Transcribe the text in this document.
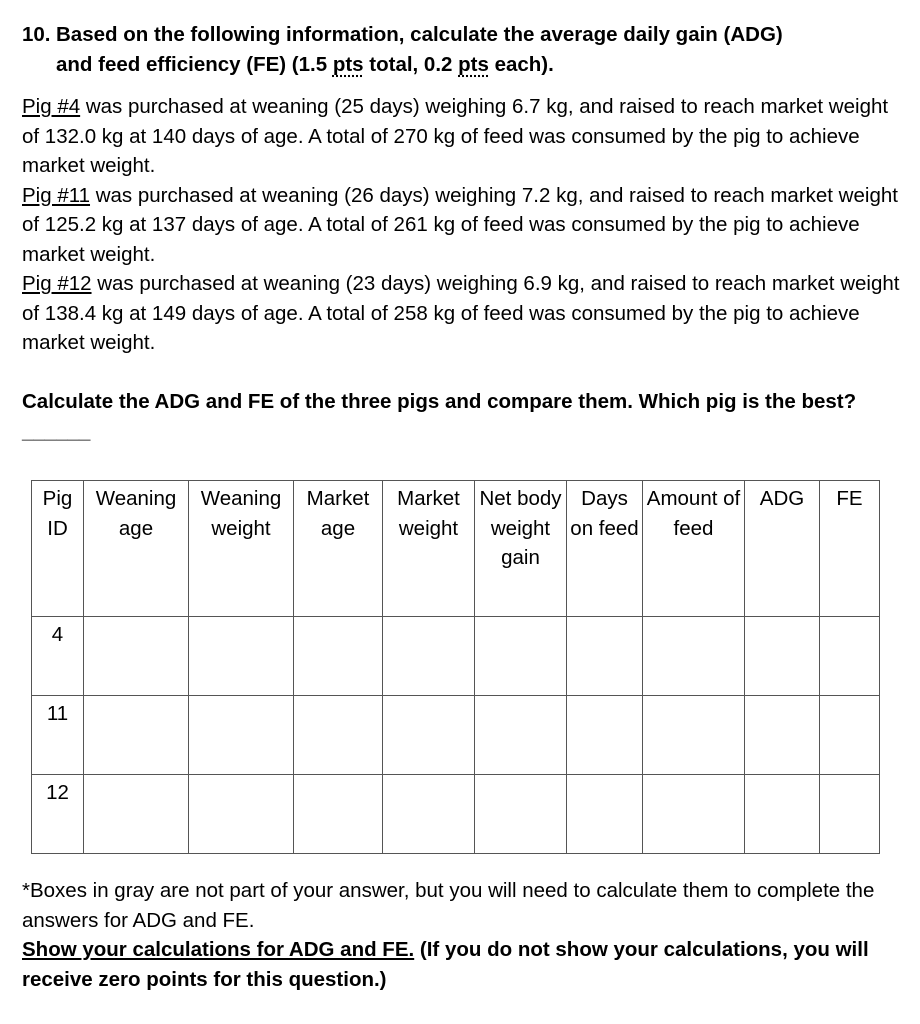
10. Based on the following information, calculate the average daily gain (ADG)
and feed efficiency (FE) (1.5 pts total, 0.2 pts each).

Pig #4 was purchased at weaning (25 days) weighing 6.7 kg, and raised to reach market weight of 132.0 kg at 140 days of age. A total of 270 kg of feed was consumed by the pig to achieve market weight.

Pig #11 was purchased at weaning (26 days) weighing 7.2 kg, and raised to reach market weight of 125.2 kg at 137 days of age. A total of 261 kg of feed was consumed by the pig to achieve market weight.

Pig #12 was purchased at weaning (23 days) weighing 6.9 kg, and raised to reach market weight of 138.4 kg at 149 days of age. A total of 258 kg of feed was consumed by the pig to achieve market weight.

Calculate the ADG and FE of the three pigs and compare them. Which pig is the best? ______
Pig ID	Weaning age	Weaning weight	Market age	Market weight	Net body weight gain	Days on feed	Amount of feed	ADG	FE
4									
11									
12									

*Boxes in gray are not part of your answer, but you will need to calculate them to complete the answers for ADG and FE.

Show your calculations for ADG and FE. (If you do not show your calculations, you will receive zero points for this question.)
